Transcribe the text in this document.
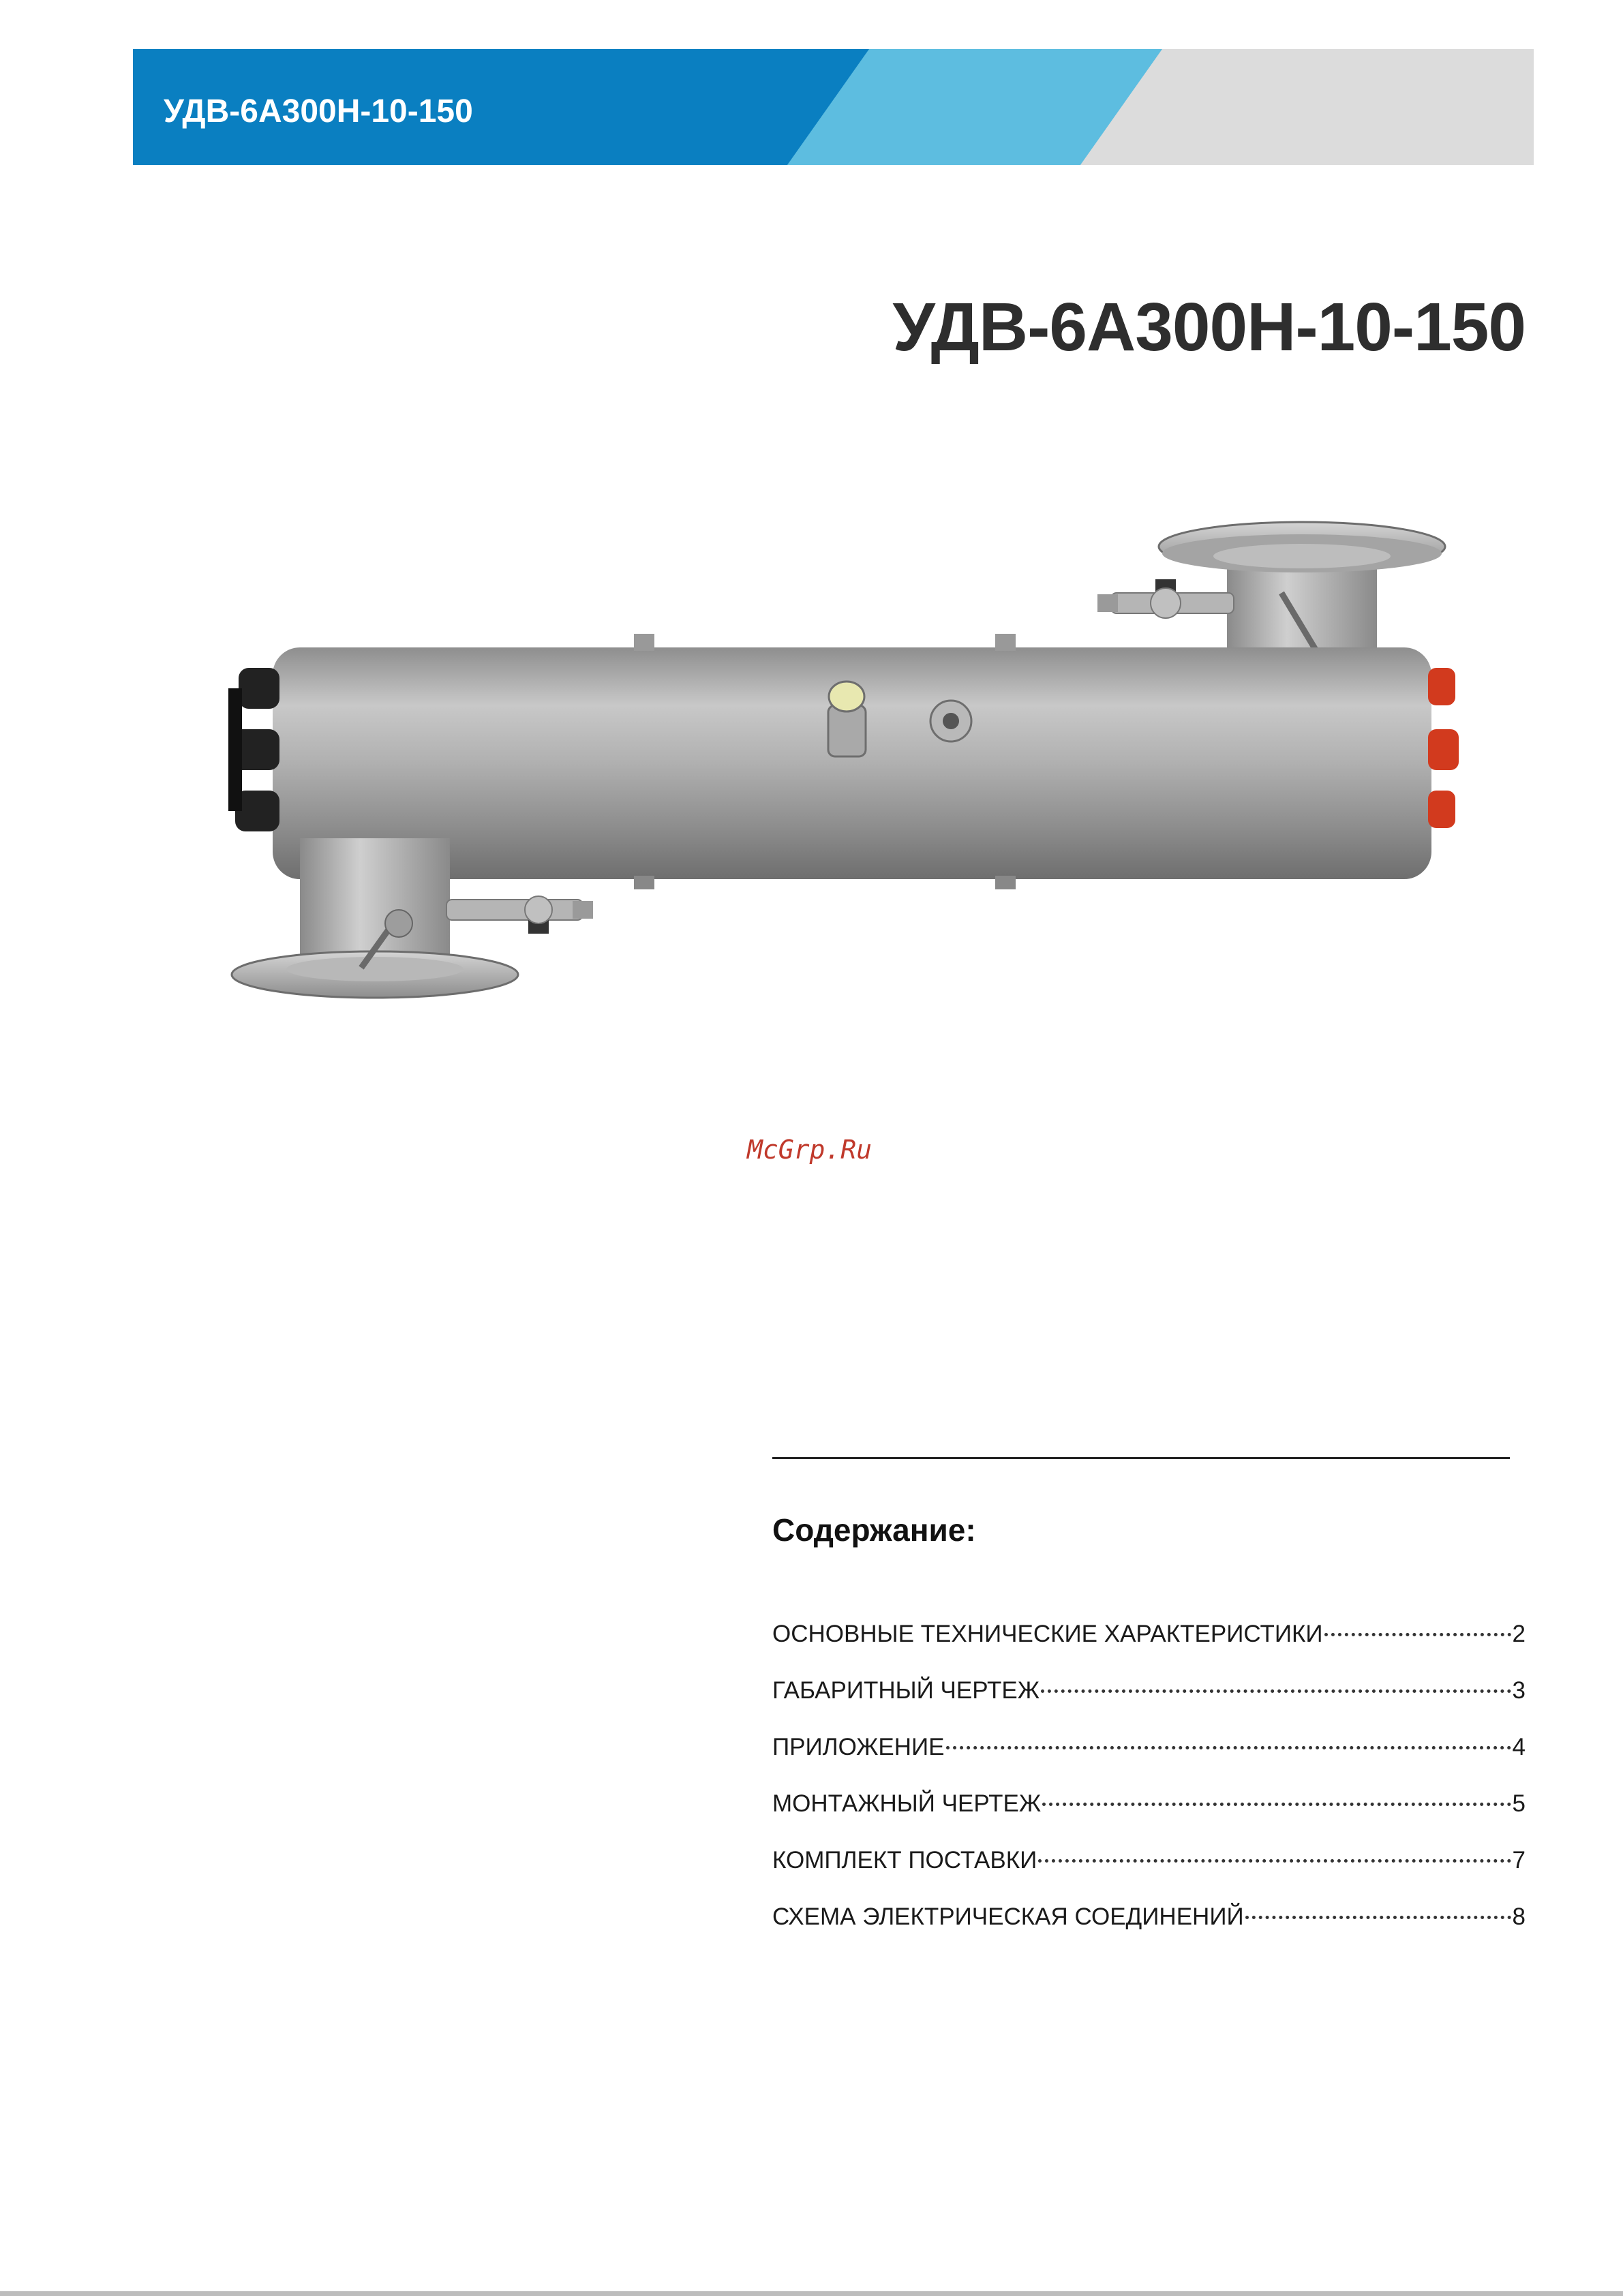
УДВ-6А300Н-10-150
УДВ-6А300Н-10-150
McGrp.Ru
Содержание:
ОСНОВНЫЕ ТЕХНИЧЕСКИЕ ХАРАКТЕРИСТИКИ	2
ГАБАРИТНЫЙ ЧЕРТЕЖ	3
ПРИЛОЖЕНИЕ	4
МОНТАЖНЫЙ ЧЕРТЕЖ	5
КОМПЛЕКТ ПОСТАВКИ	7
СХЕМА ЭЛЕКТРИЧЕСКАЯ СОЕДИНЕНИЙ	8
